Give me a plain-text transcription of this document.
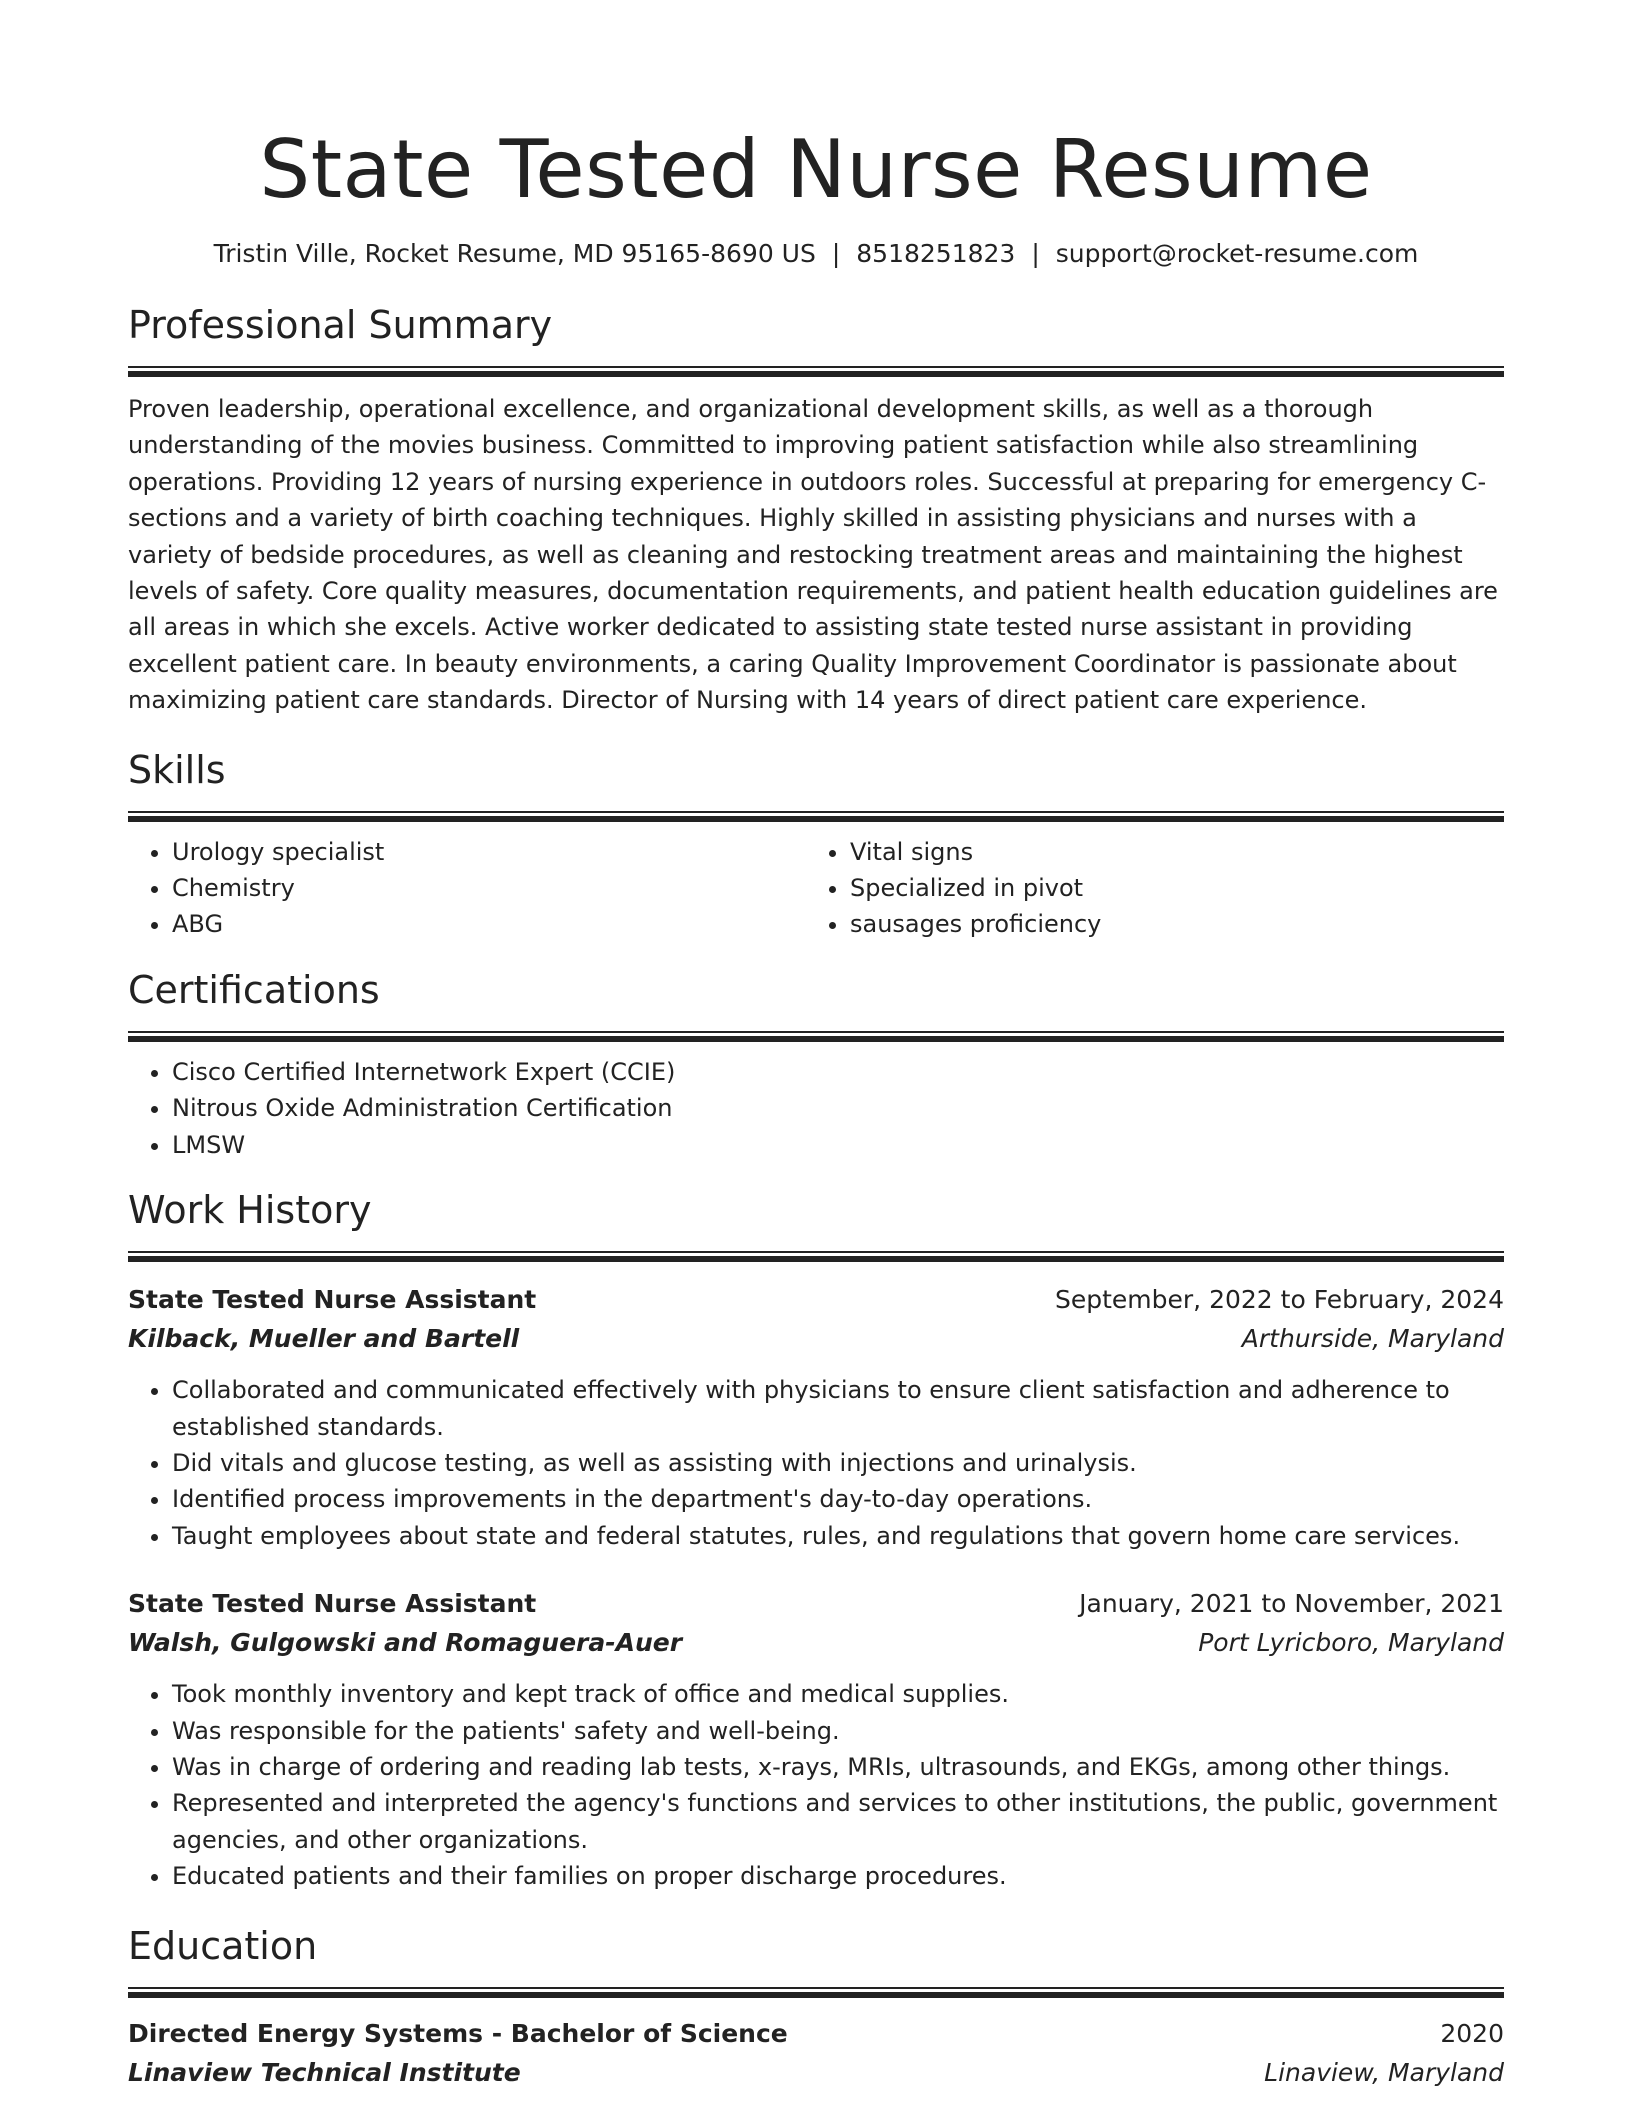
State Tested Nurse Resume
Tristin Ville, Rocket Resume, MD 95165-8690 US | 8518251823 | support@rocket-resume.com
Professional Summary

Proven leadership, operational excellence, and organizational development skills, as well as a thorough understanding of the movies business. Committed to improving patient satisfaction while also streamlining operations. Providing 12 years of nursing experience in outdoors roles. Successful at preparing for emergency C-sections and a variety of birth coaching techniques. Highly skilled in assisting physicians and nurses with a variety of bedside procedures, as well as cleaning and restocking treatment areas and maintaining the highest levels of safety. Core quality measures, documentation requirements, and patient health education guidelines are all areas in which she excels. Active worker dedicated to assisting state tested nurse assistant in providing excellent patient care. In beauty environments, a caring Quality Improvement Coordinator is passionate about maximizing patient care standards. Director of Nursing with 14 years of direct patient care experience.

Skills
• Urology specialist
• Chemistry
• ABG
• Vital signs
• Specialized in pivot
• sausages proficiency
Certifications
• Cisco Certified Internetwork Expert (CCIE)
• Nitrous Oxide Administration Certification
• LMSW
Work History
State Tested Nurse Assistant	September, 2022 to February, 2024
Kilback, Mueller and Bartell	Arthurside, Maryland
• Collaborated and communicated effectively with physicians to ensure client satisfaction and adherence to established standards.
• Did vitals and glucose testing, as well as assisting with injections and urinalysis.
• Identified process improvements in the department's day-to-day operations.
• Taught employees about state and federal statutes, rules, and regulations that govern home care services.
State Tested Nurse Assistant	January, 2021 to November, 2021
Walsh, Gulgowski and Romaguera-Auer	Port Lyricboro, Maryland
• Took monthly inventory and kept track of office and medical supplies.
• Was responsible for the patients' safety and well-being.
• Was in charge of ordering and reading lab tests, x-rays, MRIs, ultrasounds, and EKGs, among other things.
• Represented and interpreted the agency's functions and services to other institutions, the public, government agencies, and other organizations.
• Educated patients and their families on proper discharge procedures.
Education
Directed Energy Systems - Bachelor of Science	2020
Linaview Technical Institute	Linaview, Maryland
